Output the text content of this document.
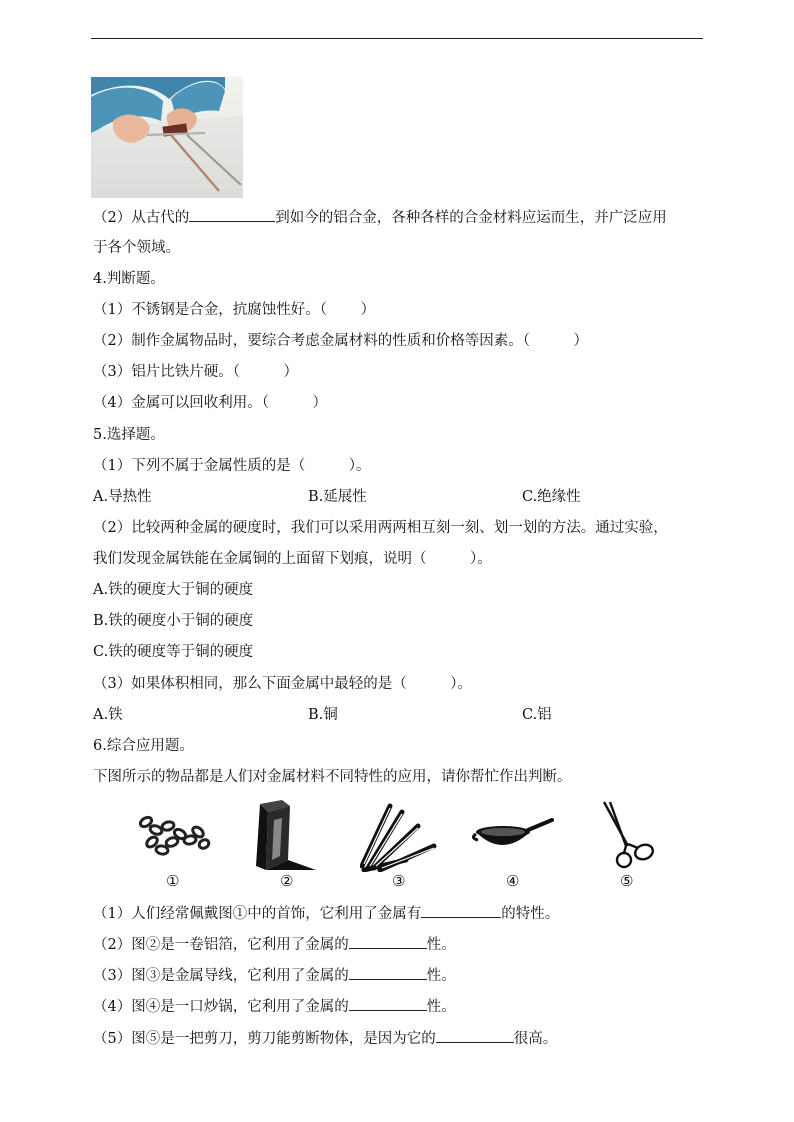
（2）从古代的	到如今的铝合金，各种各样的合金材料应运而生，并广泛应用
于各个领域。
4.判断题。
（1）不锈钢是合金，抗腐蚀性好。（　　 ）
（2）制作金属物品时，要综合考虑金属材料的性质和价格等因素。（　　　）
（3）铝片比铁片硬。（　　　）
（4）金属可以回收利用。（　　　）
5.选择题。
（1）下列不属于金属性质的是（　　　）。
A.导热性	B.延展性	C.绝缘性
（2）比较两种金属的硬度时，我们可以采用两两相互刻一刻、划一划的方法。通过实验，
我们发现金属铁能在金属铜的上面留下划痕，说明（　　　）。
A.铁的硬度大于铜的硬度
B.铁的硬度小于铜的硬度
C.铁的硬度等于铜的硬度
（3）如果体积相同，那么下面金属中最轻的是（　　　）。
A.铁	B.铜	C.铝
6.综合应用题。
下图所示的物品都是人们对金属材料不同特性的应用，请你帮忙作出判断。
①	②	③	④	⑤
（1）人们经常佩戴图①中的首饰，它利用了金属有	的特性。
（2）图②是一卷铝箔，它利用了金属的	性。
（3）图③是金属导线，它利用了金属的	性。
（4）图④是一口炒锅，它利用了金属的	性。
（5）图⑤是一把剪刀，剪刀能剪断物体，是因为它的	很高。
